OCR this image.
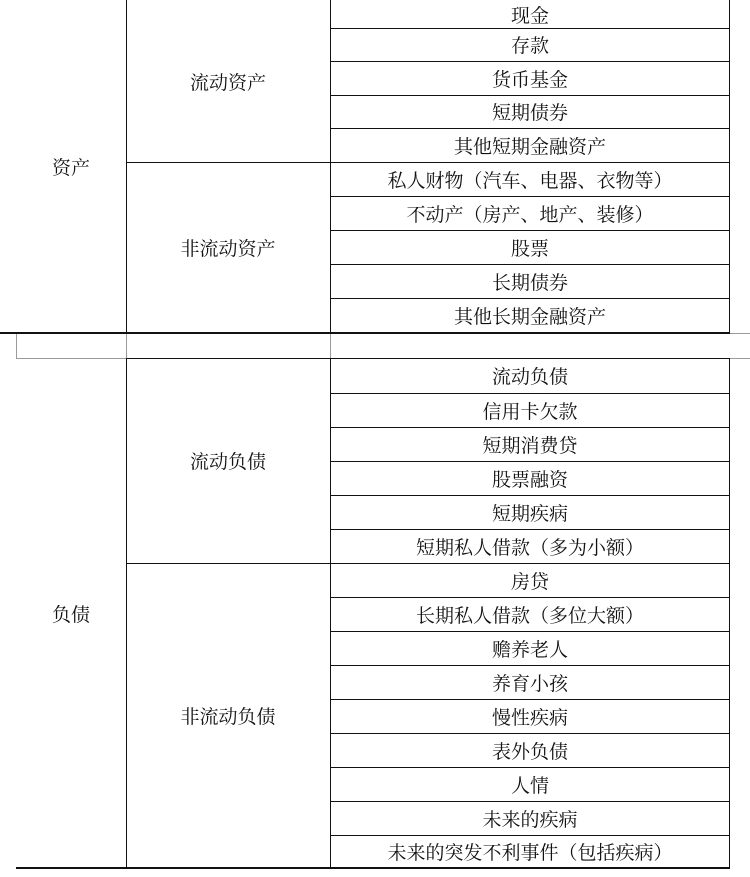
资产
负债
流动资产
非流动资产
流动负债
非流动负债
现金
存款
货币基金
短期债券
其他短期金融资产
私人财物（汽车、电器、衣物等）
不动产（房产、地产、装修）
股票
长期债券
其他长期金融资产
流动负债
信用卡欠款
短期消费贷
股票融资
短期疾病
短期私人借款（多为小额）
房贷
长期私人借款（多位大额）
赡养老人
养育小孩
慢性疾病
表外负债
人情
未来的疾病
未来的突发不利事件（包括疾病）
